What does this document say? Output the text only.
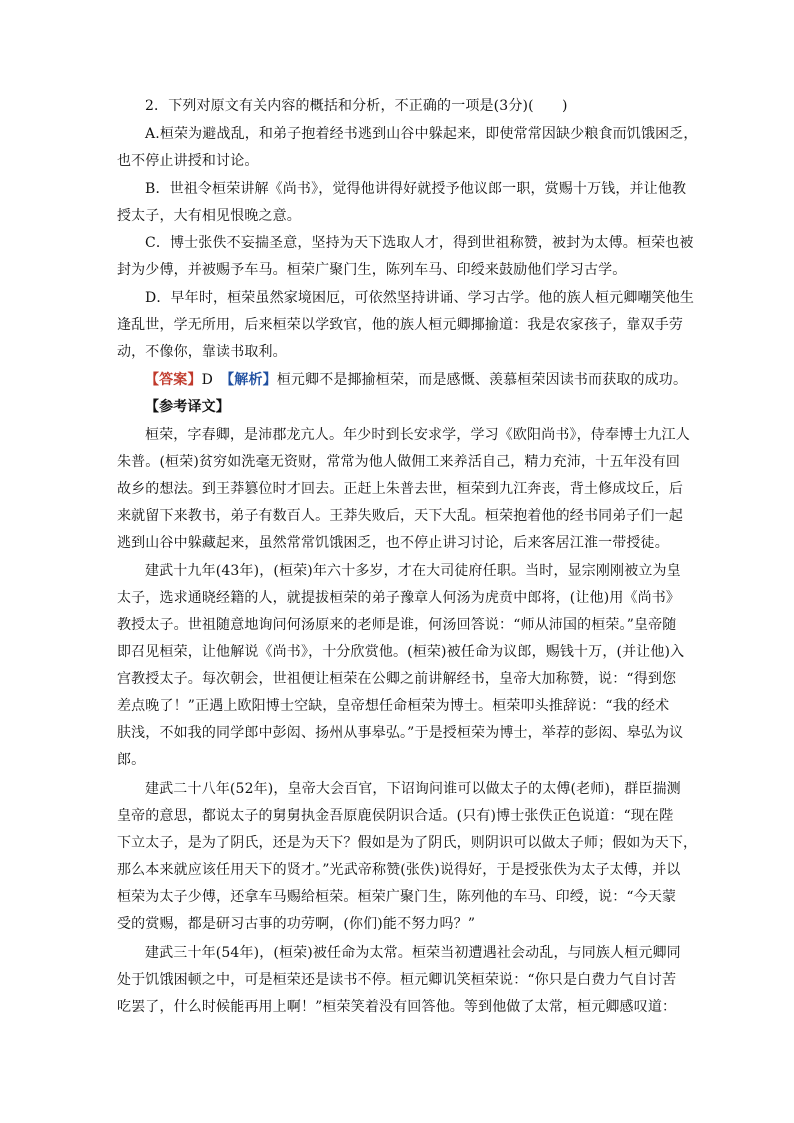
2．下列对原文有关内容的概括和分析，不正确的一项是(3分)(　　)
A.桓荣为避战乱，和弟子抱着经书逃到山谷中躲起来，即使常常因缺少粮食而饥饿困乏，
也不停止讲授和讨论。
B．世祖令桓荣讲解《尚书》，觉得他讲得好就授予他议郎一职，赏赐十万钱，并让他教
授太子，大有相见恨晚之意。
C．博士张佚不妄揣圣意，坚持为天下选取人才，得到世祖称赞，被封为太傅。桓荣也被
封为少傅，并被赐予车马。桓荣广聚门生，陈列车马、印绶来鼓励他们学习古学。
D．早年时，桓荣虽然家境困厄，可依然坚持讲诵、学习古学。他的族人桓元卿嘲笑他生
逢乱世，学无所用，后来桓荣以学致官，他的族人桓元卿揶揄道：我是农家孩子，靠双手劳
动，不像你，靠读书取利。
【答案】D　 【解析】桓元卿不是揶揄桓荣，而是感慨、羡慕桓荣因读书而获取的成功。
【参考译文】
桓荣，字春卿，是沛郡龙亢人。年少时到长安求学，学习《欧阳尚书》，侍奉博士九江人
朱普。(桓荣)贫穷如洗毫无资财，常常为他人做佣工来养活自己，精力充沛，十五年没有回
故乡的想法。到王莽篡位时才回去。正赶上朱普去世，桓荣到九江奔丧，背土修成坟丘，后
来就留下来教书，弟子有数百人。王莽失败后，天下大乱。桓荣抱着他的经书同弟子们一起
逃到山谷中躲藏起来，虽然常常饥饿困乏，也不停止讲习讨论，后来客居江淮一带授徒。
建武十九年(43年)，(桓荣)年六十多岁，才在大司徒府任职。当时，显宗刚刚被立为皇
太子，选求通晓经籍的人，就提拔桓荣的弟子豫章人何汤为虎贲中郎将，(让他)用《尚书》
教授太子。世祖随意地询问何汤原来的老师是谁，何汤回答说：“师从沛国的桓荣。”皇帝随
即召见桓荣，让他解说《尚书》，十分欣赏他。(桓荣)被任命为议郎，赐钱十万，(并让他)入
宫教授太子。每次朝会，世祖便让桓荣在公卿之前讲解经书，皇帝大加称赞，说：“得到您
差点晚了！”正遇上欧阳博士空缺，皇帝想任命桓荣为博士。桓荣叩头推辞说：“我的经术
肤浅，不如我的同学郎中彭闳、扬州从事皋弘。”于是授桓荣为博士，举荐的彭闳、皋弘为议
郎。
建武二十八年(52年)，皇帝大会百官，下诏询问谁可以做太子的太傅(老师)，群臣揣测
皇帝的意思，都说太子的舅舅执金吾原鹿侯阴识合适。(只有)博士张佚正色说道：“现在陛
下立太子，是为了阴氏，还是为天下？假如是为了阴氏，则阴识可以做太子师；假如为天下，
那么本来就应该任用天下的贤才。”光武帝称赞(张佚)说得好，于是授张佚为太子太傅，并以
桓荣为太子少傅，还拿车马赐给桓荣。桓荣广聚门生，陈列他的车马、印绶，说：“今天蒙
受的赏赐，都是研习古事的功劳啊，(你们)能不努力吗？”
建武三十年(54年)，(桓荣)被任命为太常。桓荣当初遭遇社会动乱，与同族人桓元卿同
处于饥饿困顿之中，可是桓荣还是读书不停。桓元卿讥笑桓荣说：“你只是白费力气自讨苦
吃罢了，什么时候能再用上啊！”桓荣笑着没有回答他。等到他做了太常，桓元卿感叹道：
